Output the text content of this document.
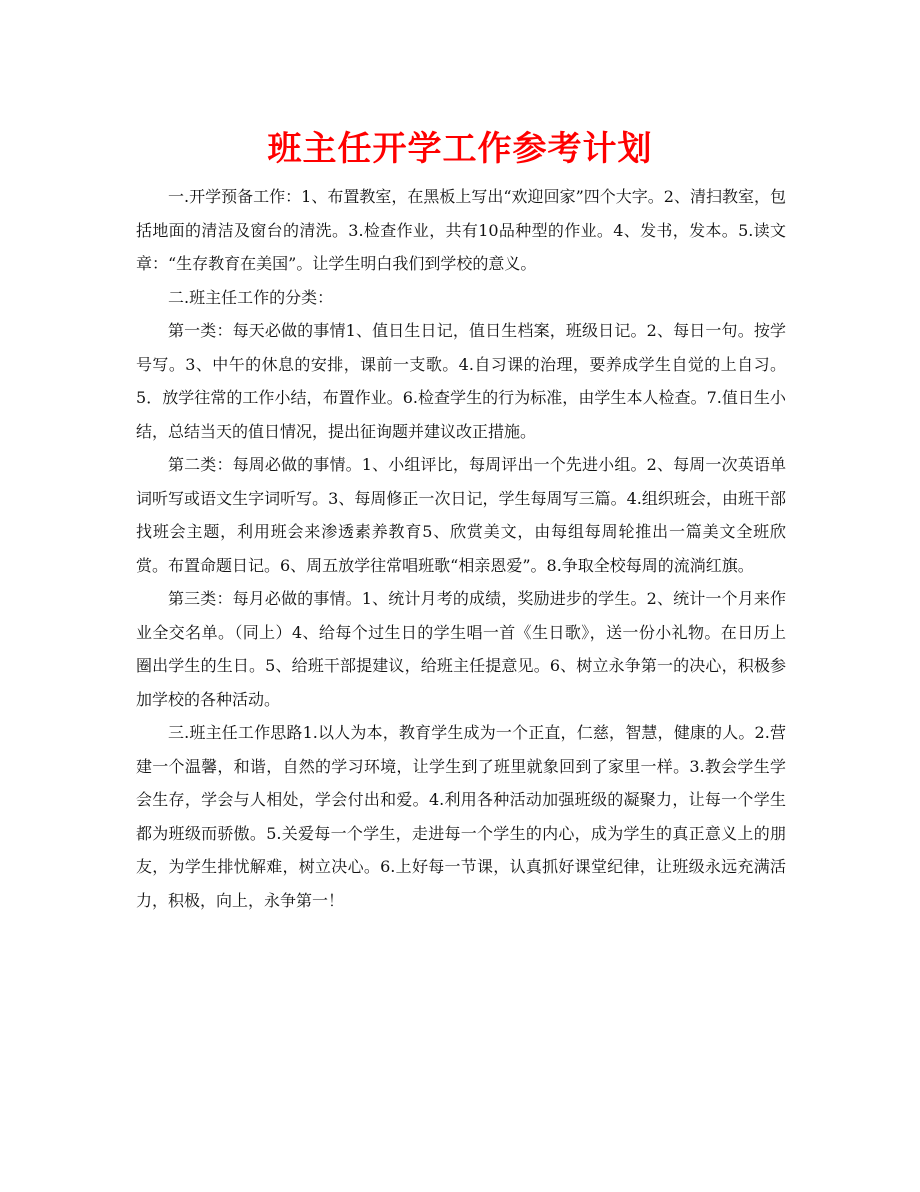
班主任开学工作参考计划

一.开学预备工作：1、布置教室，在黑板上写出“欢迎回家”四个大字。2、清扫教室，包括地面的清洁及窗台的清洗。3.检查作业，共有10品种型的作业。4、发书，发本。5.读文章：“生存教育在美国”。让学生明白我们到学校的意义。

二.班主任工作的分类：

第一类：每天必做的事情1、值日生日记，值日生档案，班级日记。2、每日一句。按学号写。3、中午的休息的安排，课前一支歌。4.自习课的治理，要养成学生自觉的上自习。5．放学往常的工作小结，布置作业。6.检查学生的行为标准，由学生本人检查。7.值日生小结，总结当天的值日情况，提出征询题并建议改正措施。

第二类：每周必做的事情。1、小组评比，每周评出一个先进小组。2、每周一次英语单词听写或语文生字词听写。3、每周修正一次日记，学生每周写三篇。4.组织班会，由班干部找班会主题，利用班会来渗透素养教育5、欣赏美文，由每组每周轮推出一篇美文全班欣赏。布置命题日记。6、周五放学往常唱班歌“相亲恩爱”。8.争取全校每周的流淌红旗。

第三类：每月必做的事情。1、统计月考的成绩，奖励进步的学生。2、统计一个月来作业全交名单。（同上）4、给每个过生日的学生唱一首《生日歌》，送一份小礼物。在日历上圈出学生的生日。5、给班干部提建议，给班主任提意见。6、树立永争第一的决心，积极参加学校的各种活动。

三.班主任工作思路1.以人为本，教育学生成为一个正直，仁慈，智慧，健康的人。2.营建一个温馨，和谐，自然的学习环境，让学生到了班里就象回到了家里一样。3.教会学生学会生存，学会与人相处，学会付出和爱。4.利用各种活动加强班级的凝聚力，让每一个学生都为班级而骄傲。5.关爱每一个学生，走进每一个学生的内心，成为学生的真正意义上的朋友，为学生排忧解难，树立决心。6.上好每一节课，认真抓好课堂纪律，让班级永远充满活力，积极，向上，永争第一！
